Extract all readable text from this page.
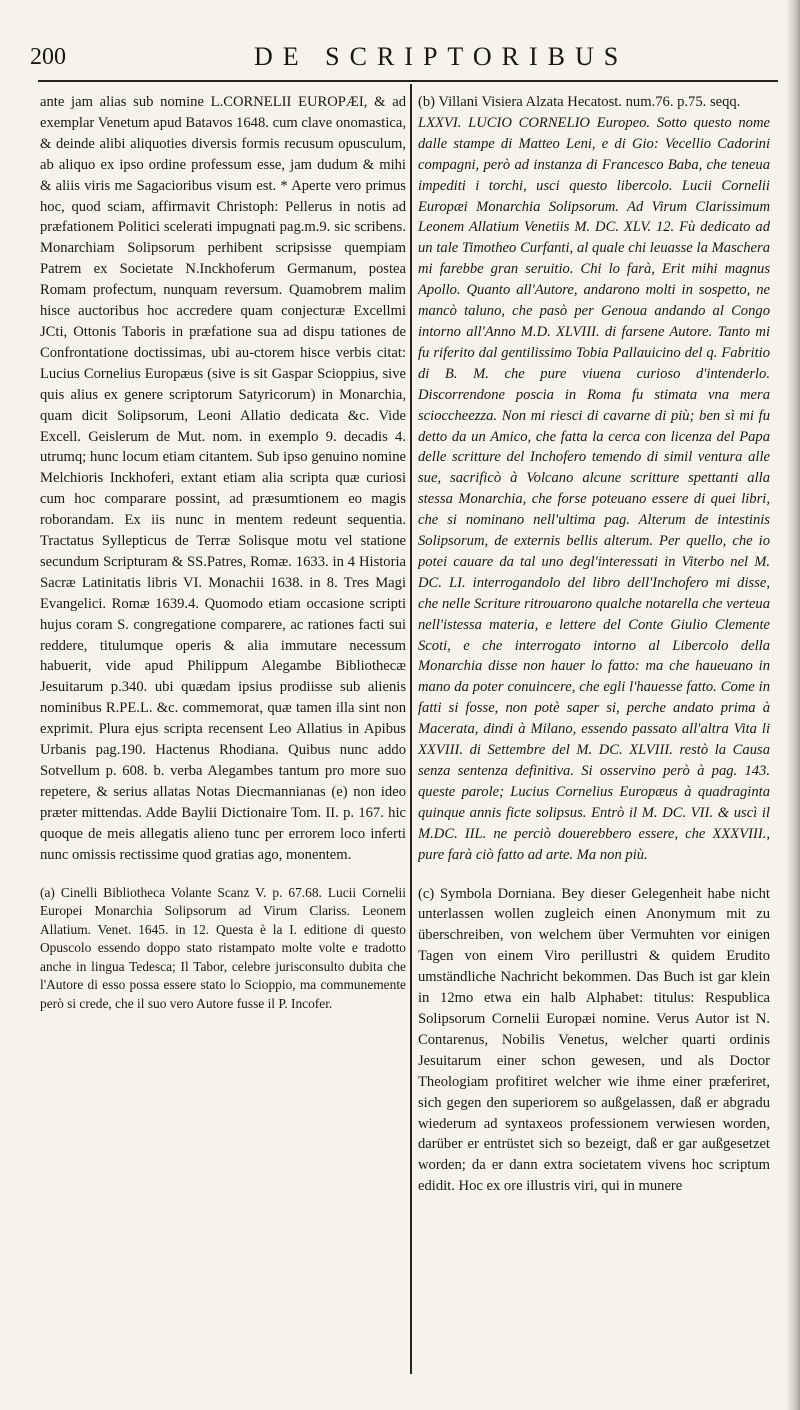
200	DE SCRIPTORIBUS

ante jam alias sub nomine L.CORNELII EUROPÆI, & ad exemplar Venetum apud Batavos 1648. cum clave onomastica, & deinde alibi aliquoties diversis formis recusum opusculum, ab aliquo ex ipso ordine professum esse, jam dudum & mihi & aliis viris me Sagacioribus visum est. * Aperte vero primus hoc, quod sciam, affirmavit Christoph: Pellerus in notis ad præfationem Politici scelerati impugnati pag.m.9. sic scribens. Monarchiam Solipsorum perhibent scripsisse quempiam Patrem ex Societate N.Inckhoferum Germanum, postea Romam profectum, nunquam reversum. Quamobrem malim hisce auctoribus hoc accredere quam conjecturæ Excellmi JCti, Ottonis Taboris in præfatione sua ad dispu tationes de Confrontatione doctissimas, ubi au-ctorem hisce verbis citat: Lucius Cornelius Europæus (sive is sit Gaspar Scioppius, sive quis alius ex genere scriptorum Satyricorum) in Monarchia, quam dicit Solipsorum, Leoni Allatio dedicata &c. Vide Excell. Geislerum de Mut. nom. in exemplo 9. decadis 4. utrumq; hunc locum etiam citantem. Sub ipso genuino nomine Melchioris Inckhoferi, extant etiam alia scripta quæ curiosi cum hoc comparare possint, ad præsumtionem eo magis roborandam. Ex iis nunc in mentem redeunt sequentia. Tractatus Syllepticus de Terræ Solisque motu vel statione secundum Scripturam & SS.Patres, Romæ. 1633. in 4 Historia Sacræ Latinitatis libris VI. Monachii 1638. in 8. Tres Magi Evangelici. Romæ 1639.4. Quomodo etiam occasione scripti hujus coram S. congregatione comparere, ac rationes facti sui reddere, titulumque operis & alia immutare necessum habuerit, vide apud Philippum Alegambe Bibliothecæ Jesuitarum p.340. ubi quædam ipsius prodiisse sub alienis nominibus R.PE.L. &c. commemorat, quæ tamen illa sint non exprimit. Plura ejus scripta recensent Leo Allatius in Apibus Urbanis pag.190. Hactenus Rhodiana. Quibus nunc addo Sotvellum p. 608. b. verba Alegambes tantum pro more suo repetere, & serius allatas Notas Diecmannianas (e) non ideo præter mittendas. Adde Baylii Dictionaire Tom. II. p. 167. hic quoque de meis allegatis alieno tunc per errorem loco inferti nunc omissis rectissime quod gratias ago, monentem.

(a) Cinelli Bibliotheca Volante Scanz V. p. 67.68. Lucii Cornelii Europei Monarchia Solipsorum ad Virum Clariss. Leonem Allatium. Venet. 1645. in 12. Questa è la I. editione di questo Opuscolo essendo doppo stato ristampato molte volte e tradotto anche in lingua Tedesca; Il Tabor, celebre jurisconsulto dubita che l'Autore di esso possa essere stato lo Scioppio, ma communemente però si crede, che il suo vero Autore fusse il P. Incofer.

(b) Villani Visiera Alzata Hecatost. num.76. p.75. seqq.

LXXVI. LUCIO CORNELIO Europeo. Sotto questo nome dalle stampe di Matteo Leni, e di Gio: Vecellio Cadorini compagni, però ad instanza di Francesco Baba, che teneua impediti i torchi, usci questo libercolo. Lucii Cornelii Europæi Monarchia Solipsorum. Ad Virum Clarissimum Leonem Allatium Venetiis M. DC. XLV. 12. Fù dedicato ad un tale Timotheo Curfanti, al quale chi leuasse la Mascherа mi farebbe gran seruitio. Chi lo farà, Erit mihi magnus Apollo. Quanto all'Autore, andarono molti in sospetto, ne mancò taluno, che pasò per Genoua andando al Congo intorno all'Anno M.D. XLVIII. di farsene Autore. Tanto mi fu riferito dal gentilissimo Tobia Pallauicino del q. Fabritio di B. M. che pure viuena curioso d'intenderlo. Discorrendone poscia in Roma fu stimata vna mera scioccheezza. Non mi riesci di cavarne di più; ben sì mi fu detto da un Amico, che fatta la cerca con licenza del Papa delle scritture del Inchofero temendo di simil ventura alle sue, sacrificò à Volcano alcune scritture spettanti alla stessa Monarchia, che forse poteuano esserе di quei libri, che si nominano nell'ultima pag. Alterum de intestinis Solipsorum, de externis bellis alterum. Per quello, che io potei cauare da tal uno degl'interessati in Viterbo nel M. DC. LI. interrogandolo del libro dell'Inchofero mi disse, che nelle Scriture ritrouarono qualche notarella che verteua nell'istessa materia, e lettere del Conte Giulio Clemente Scoti, e che interrogato intorno al Libercolo della Monarchia disse non hauer lo fatto: ma che haueuano in mano da poter conuincere, che egli l'hauesse fatto. Come in fatti si fosse, non potè saper si, perche andato prima à Macerata, dindi à Milano, essendo passato all'altra Vita li XXVIII. di Settembre del M. DC. XLVIII. restò la Causa senza sentenza definitiva. Si osservino però à pag. 143. queste parole; Lucius Cornelius Europæus à quadraginta quinque annis ficte solipsus. Entrò il M. DC. VII. & uscì il M.DC. IIL. ne perciò douerebbero essere, che XXXVIII., pure farà ciò fatto ad arte. Ma non più.

(c) Symbola Dorniana. Bey dieser Gelegenheit habe nicht unterlassen wollen zugleich einen Anonymum mit zu überschreiben, von welchem über Vermuhten vor einigen Tagen von einem Viro perillustri & quidem Erudito umständliche Nachricht bekommen. Das Buch ist gar klein in 12mo etwa ein halb Alphabet: titulus: Respublica Solipsorum Cornelii Europæi nomine. Verus Autor ist N. Contarenus, Nobilis Venetus, welcher quarti ordinis Jesuitarum einer schon gewesen, und als Doctor Theologiam profitiret welcher wie ihme einer præferiret, sich gegen den superiorem so außgelassen, daß er abgradu wiederum ad syntaxeos professionem verwiesen worden, darüber er entrüstet sich so bezeigt, daß er gar außgesetzet worden; da er dann extra societatem vivens hoc scriptum edidit. Hoc ex ore illustris viri, qui in munere
